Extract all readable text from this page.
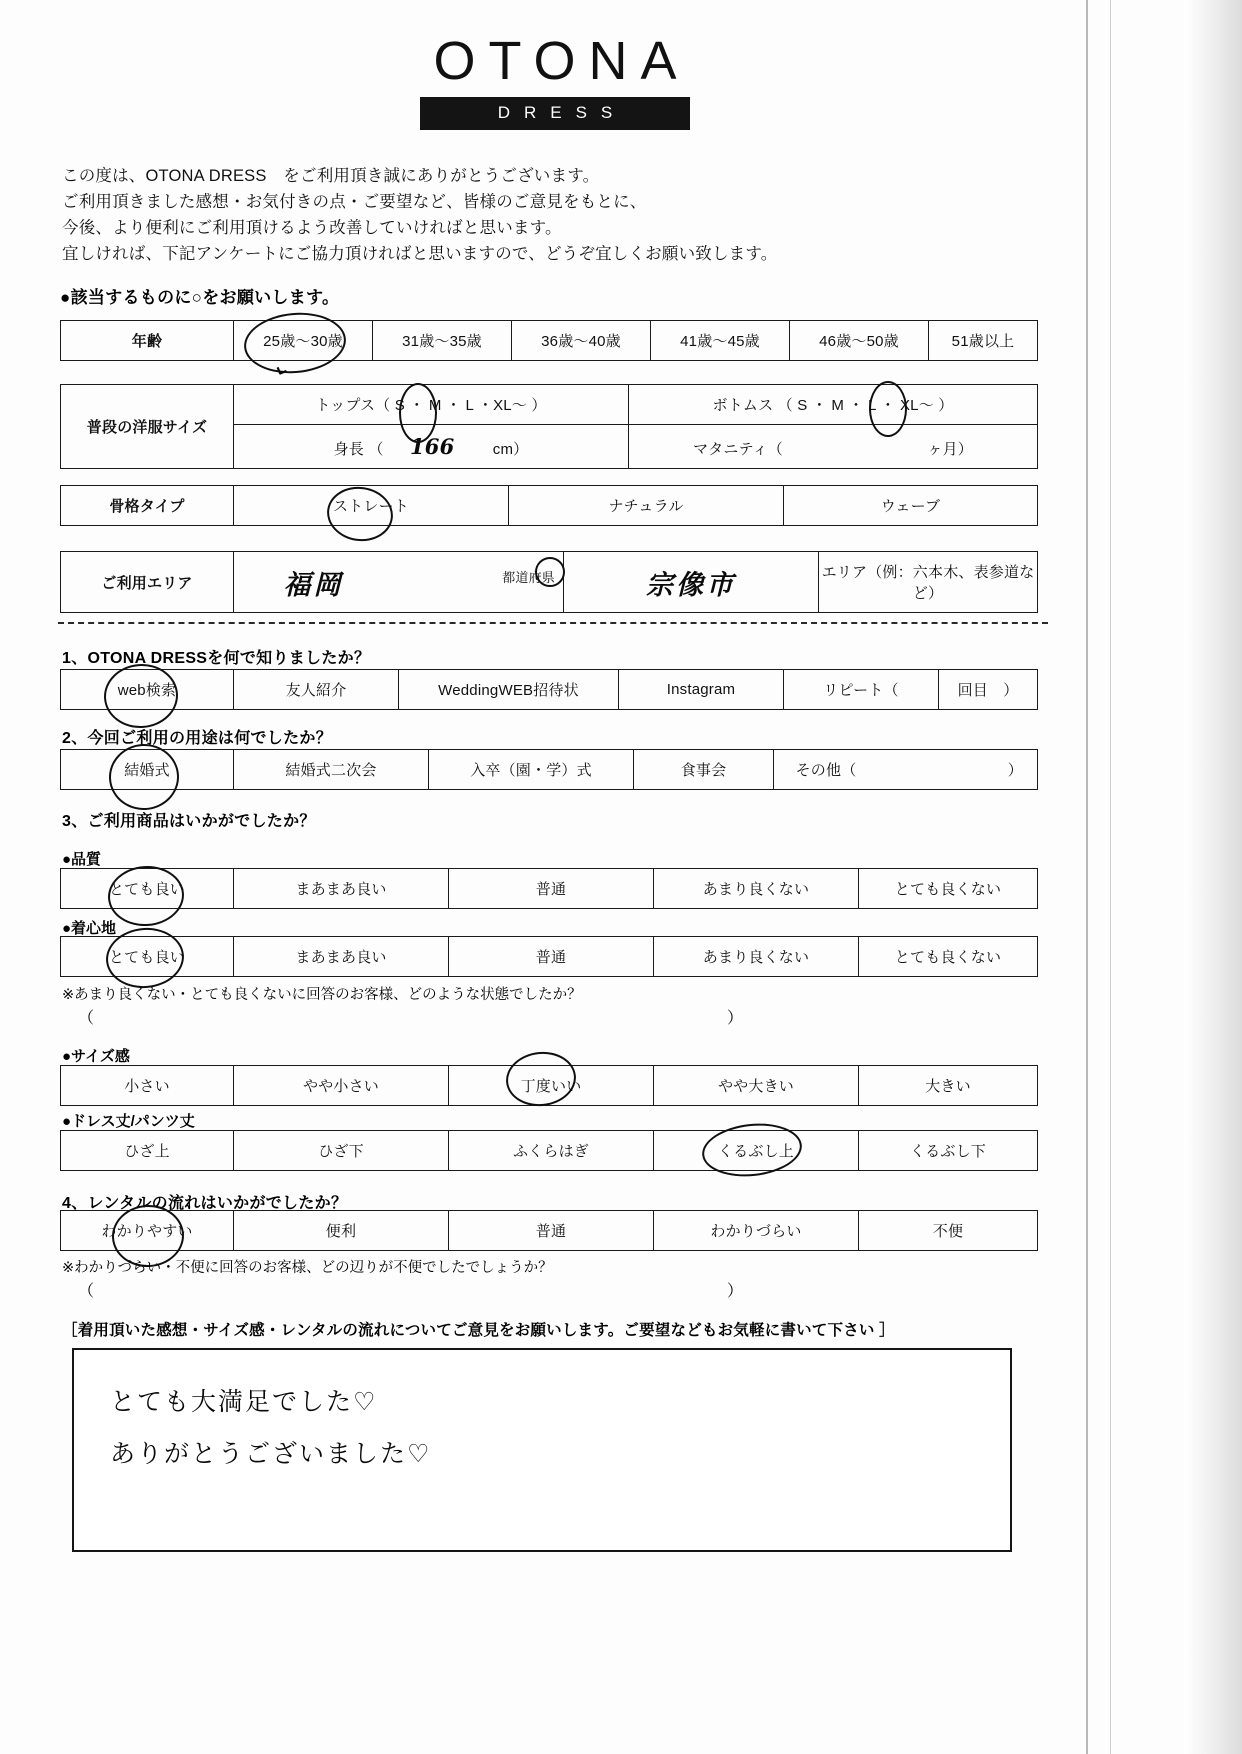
OTONA
DRESS
この度は、OTONA DRESS　をご利用頂き誠にありがとうございます。
ご利用頂きました感想・お気付きの点・ご要望など、皆様のご意見をもとに、
今後、より便利にご利用頂けるよう改善していければと思います。
宜しければ、下記アンケートにご協力頂ければと思いますので、どうぞ宜しくお願い致します。
●該当するものに○をお願いします。
年齢	25歳〜30歳	31歳〜35歳	36歳〜40歳	41歳〜45歳	46歳〜50歳	51歳以上
⌄
普段の洋服サイズ	トップス（ S ・ M ・ L ・XL〜 ）	ボトムス （ S ・ M ・ L ・ XL〜 ）
	身長 （ 166 cm）	マタニティ（ ヶ月）
骨格タイプ	ストレート	ナチュラル	ウェーブ
ご利用エリア	福岡	都道府県	宗像市	エリア（例：六本木、表参道など）
1、OTONA DRESSを何で知りましたか？
web検索	友人紹介	WeddingWEB招待状	Instagram	リピート（	回目　）
2、今回ご利用の用途は何でしたか？
結婚式	結婚式二次会	入卒（園・学）式	食事会	その他（	）
3、ご利用商品はいかがでしたか？
●品質
とても良い	まあまあ良い	普通	あまり良くない	とても良くない
●着心地
とても良い	まあまあ良い	普通	あまり良くない	とても良くない
※あまり良くない・とても良くないに回答のお客様、どのような状態でしたか？
（	）
●サイズ感
小さい	やや小さい	丁度いい	やや大きい	大きい
●ドレス丈/パンツ丈
ひざ上	ひざ下	ふくらはぎ	くるぶし上	くるぶし下
4、レンタルの流れはいかがでしたか？
わかりやすい	便利	普通	わかりづらい	不便
※わかりづらい・不便に回答のお客様、どの辺りが不便でしたでしょうか？
（	）
［着用頂いた感想・サイズ感・レンタルの流れについてご意見をお願いします。ご要望などもお気軽に書いて下さい ］
とても大満足でした♡
ありがとうございました♡
